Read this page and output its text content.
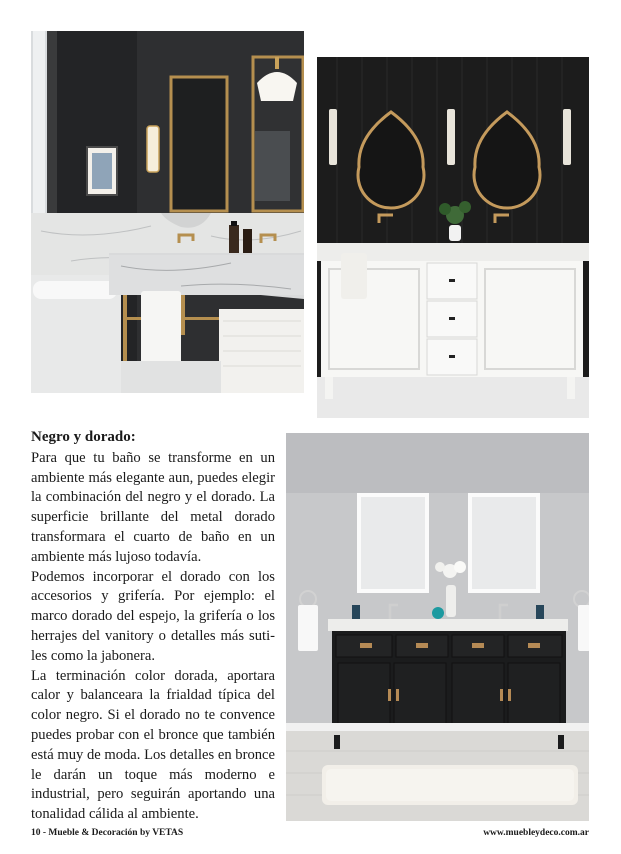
Negro y dorado:

Para que tu baño se transforme en un ambiente más elegante aun, puedes elegir la combinación del negro y el dorado. La superficie brillante del metal dorado transformara el cuarto de baño en un ambiente más lujoso todavía.

Podemos incorporar el dorado con los accesorios y grifería. Por ejemplo: el marco dorado del espejo, la grifería o los herrajes del vanitory o detalles más sutiles como la jabonera.

La terminación color dorada, aportara calor y balanceara la frialdad típica del color negro. Si el dorado no te convence puedes probar con el bronce que también está muy de moda. Los detalles en bronce le darán un toque más moderno e industrial, pero seguirán aportando una tonalidad cálida al ambiente.

10 - Mueble & Decoración by VETAS	www.muebleydeco.com.ar
